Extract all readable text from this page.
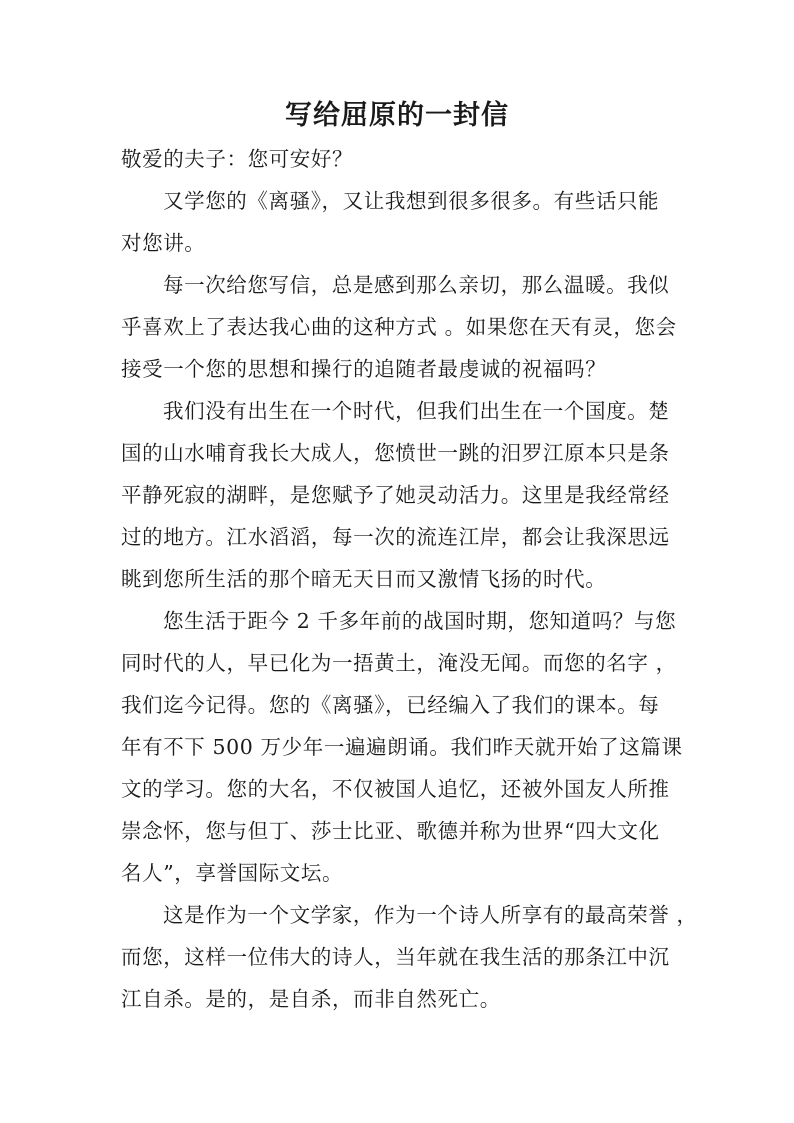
写给屈原的一封信
敬爱的夫子：您可安好？
又学您的《离骚》，又让我想到很多很多。有些话只能
对您讲。
每一次给您写信，总是感到那么亲切，那么温暖。我似
乎喜欢上了表达我心曲的这种方式 。如果您在天有灵，您会
接受一个您的思想和操行的追随者最虔诚的祝福吗？
我们没有出生在一个时代，但我们出生在一个国度。楚
国的山水哺育我长大成人，您愤世一跳的汨罗江原本只是条
平静死寂的湖畔，是您赋予了她灵动活力。这里是我经常经
过的地方。江水滔滔，每一次的流连江岸，都会让我深思远
眺到您所生活的那个暗无天日而又激情飞扬的时代。
您生活于距今 2 千多年前的战国时期，您知道吗？与您
同时代的人，早已化为一捂黄土，淹没无闻。而您的名字 ，
我们迄今记得。您的《离骚》，已经编入了我们的课本。每
年有不下 500 万少年一遍遍朗诵。我们昨天就开始了这篇课
文的学习。您的大名，不仅被国人追忆，还被外国友人所推
崇念怀，您与但丁、莎士比亚、歌德并称为世界“四大文化
名人”，享誉国际文坛。
这是作为一个文学家，作为一个诗人所享有的最高荣誉 ，
而您，这样一位伟大的诗人，当年就在我生活的那条江中沉
江自杀。是的，是自杀，而非自然死亡。
